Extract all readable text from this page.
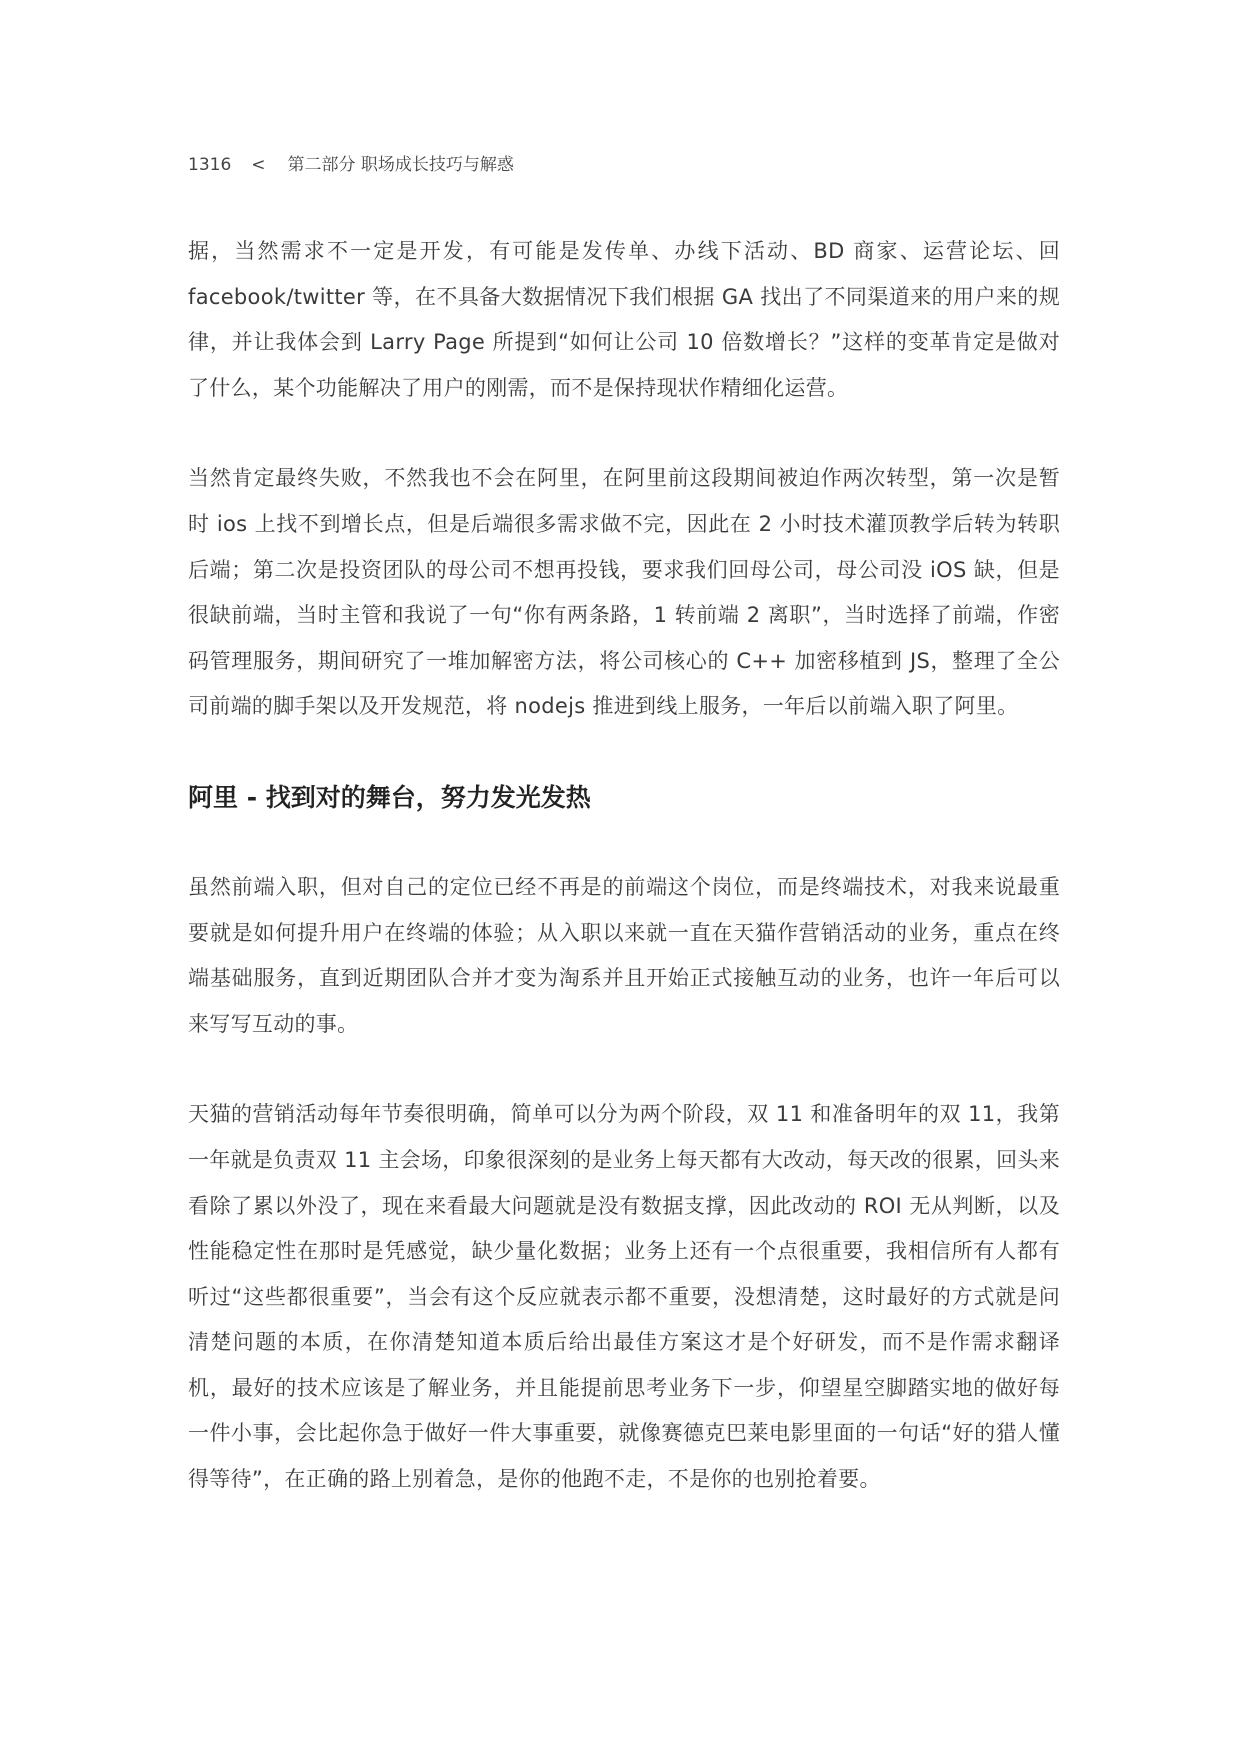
1316 < 第二部分 职场成长技巧与解惑

据，当然需求不一定是开发，有可能是发传单、办线下活动、BD 商家、运营论坛、回 facebook/twitter 等，在不具备大数据情况下我们根据 GA 找出了不同渠道来的用户来的规律，并让我体会到 Larry Page 所提到“如何让公司 10 倍数增长？”这样的变革肯定是做对了什么，某个功能解决了用户的刚需，而不是保持现状作精细化运营。

当然肯定最终失败，不然我也不会在阿里，在阿里前这段期间被迫作两次转型，第一次是暂时 ios 上找不到增长点，但是后端很多需求做不完，因此在 2 小时技术灌顶教学后转为转职后端；第二次是投资团队的母公司不想再投钱，要求我们回母公司，母公司没 iOS 缺，但是很缺前端，当时主管和我说了一句“你有两条路，1 转前端 2 离职”，当时选择了前端，作密码管理服务，期间研究了一堆加解密方法，将公司核心的 C++ 加密移植到 JS，整理了全公司前端的脚手架以及开发规范，将 nodejs 推进到线上服务，一年后以前端入职了阿里。

阿里 - 找到对的舞台，努力发光发热

虽然前端入职，但对自己的定位已经不再是的前端这个岗位，而是终端技术，对我来说最重要就是如何提升用户在终端的体验；从入职以来就一直在天猫作营销活动的业务，重点在终端基础服务，直到近期团队合并才变为淘系并且开始正式接触互动的业务，也许一年后可以来写写互动的事。

天猫的营销活动每年节奏很明确，简单可以分为两个阶段，双 11 和准备明年的双 11，我第一年就是负责双 11 主会场，印象很深刻的是业务上每天都有大改动，每天改的很累，回头来看除了累以外没了，现在来看最大问题就是没有数据支撑，因此改动的 ROI 无从判断，以及性能稳定性在那时是凭感觉，缺少量化数据；业务上还有一个点很重要，我相信所有人都有听过“这些都很重要”，当会有这个反应就表示都不重要，没想清楚，这时最好的方式就是问清楚问题的本质，在你清楚知道本质后给出最佳方案这才是个好研发，而不是作需求翻译机，最好的技术应该是了解业务，并且能提前思考业务下一步，仰望星空脚踏实地的做好每一件小事，会比起你急于做好一件大事重要，就像赛德克巴莱电影里面的一句话“好的猎人懂得等待”，在正确的路上别着急，是你的他跑不走，不是你的也别抢着要。
